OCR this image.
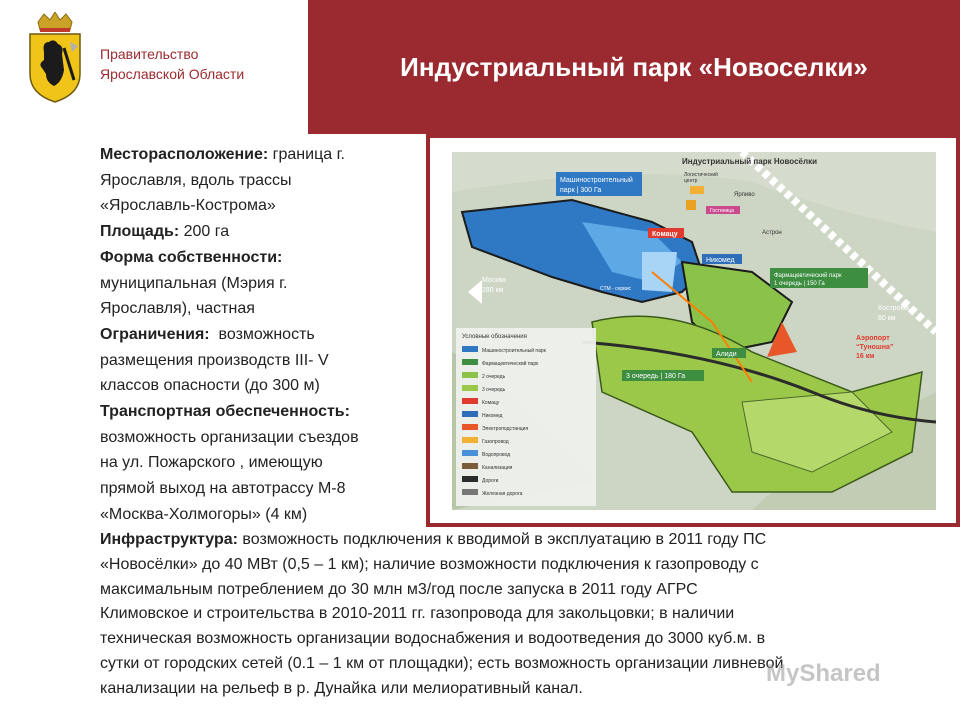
Правительство
Ярославской Области	Индустриальный парк «Новоселки»

Месторасположение: граница г.

Ярославля, вдоль трассы

«Ярославль-Кострома»

Площадь: 200 га

Форма собственности:

муниципальная (Мэрия г.

Ярославля), частная

Ограничения: возможность

размещения производств III- V

классов опасности (до 300 м)

Транспортная обеспеченность:

возможность организации съездов

на ул. Пожарского , имеющую

прямой выход на автотрассу М-8

«Москва-Холмогоры» (4 км)

Индустриальный парк Новосёлки
Машиностроительный
парк | 300 Га
Логистический
центр
Ярпиво
Гостиница
Комацу	Астрон
Никомед
СТМ - сервис
Москва
280 км
Фармацевтический парк
1 очередь | 150 Га
Кострома
80 км
Аэропорт
“Туношна”
16 км
Алиди
3 очередь | 180 Га
Условные обозначения
Машиностроительный парк
Фармацевтический парк
2 очередь
3 очередь
Комацу
Никомед
Электроподстанция
Газопровод
Водопровод
Канализация
Дороги
Железная дорога

Инфраструктура: возможность подключения к вводимой в эксплуатацию в 2011 году ПС

«Новосёлки» до 40 МВт (0,5 – 1 км); наличие возможности подключения к газопроводу с

максимальным потреблением до 30 млн м3/год после запуска в 2011 году АГРС

Климовское и строительства в 2010-2011 гг. газопровода для закольцовки; в наличии

техническая возможность организации водоснабжения и водоотведения до 3000 куб.м. в

сутки от городских сетей (0.1 – 1 км от площадки); есть возможность организации ливневой

канализации на рельеф в р. Дунайка или мелиоративный канал.

MyShared
